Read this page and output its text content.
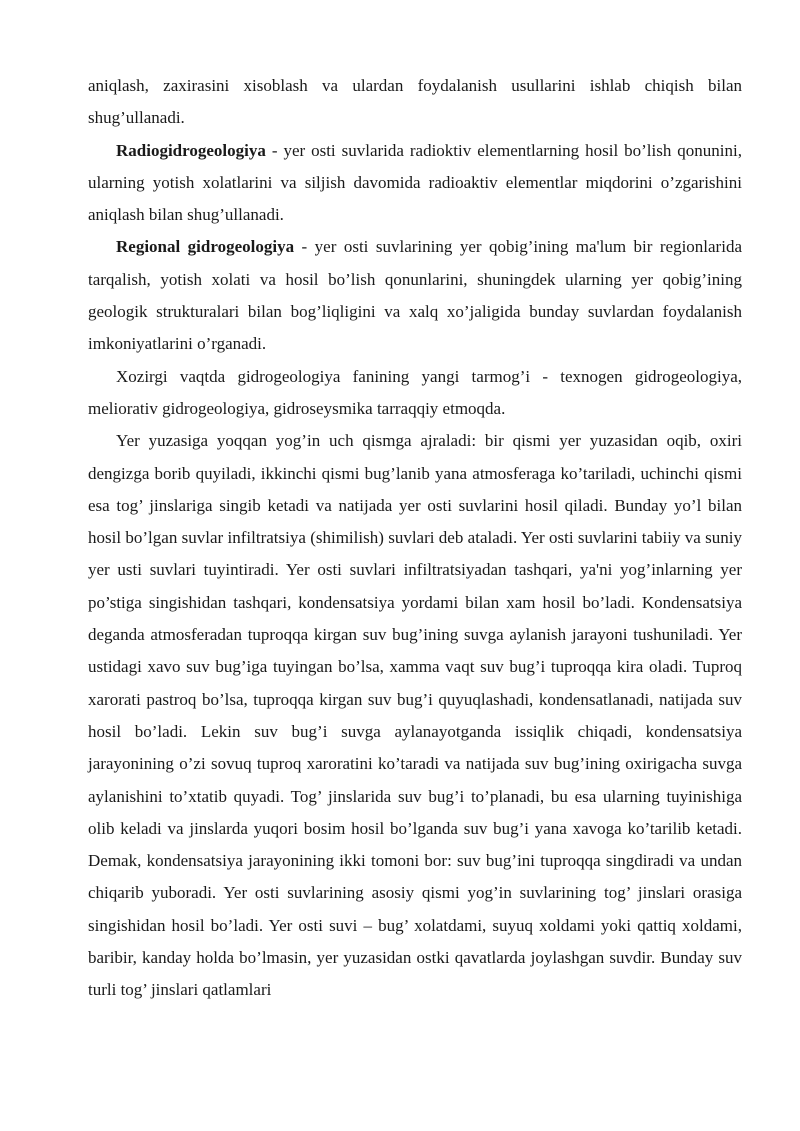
aniqlash, zaxirasini xisoblash va ulardan foydalanish usullarini ishlab chiqish bilan shug’ullanadi.

Radiogidrogeologiya - yer osti suvlarida radioktiv elementlarning hosil bo’lish qonunini, ularning yotish xolatlarini va siljish davomida radioaktiv elementlar miqdorini o’zgarishini aniqlash bilan shug’ullanadi.

Regional gidrogeologiya - yer osti suvlarining yer qobig’ining ma'lum bir regionlarida tarqalish, yotish xolati va hosil bo’lish qonunlarini, shuningdek ularning yer qobig’ining geologik strukturalari bilan bog’liqligini va xalq xo’jaligida bunday suvlardan foydalanish imkoniyatlarini o’rganadi.

Xozirgi vaqtda gidrogeologiya fanining yangi tarmog’i - texnogen gidrogeologiya, meliorativ gidrogeologiya, gidroseysmika tarraqqiy etmoqda.

Yer yuzasiga yoqqan yog’in uch qismga ajraladi: bir qismi yer yuzasidan oqib, oxiri dengizga borib quyiladi, ikkinchi qismi bug’lanib yana atmosferaga ko’tariladi, uchinchi qismi esa tog’ jinslariga singib ketadi va natijada yer osti suvlarini hosil qiladi. Bunday yo’l bilan hosil bo’lgan suvlar infiltratsiya (shimilish) suvlari deb ataladi. Yer osti suvlarini tabiiy va suniy yer usti suvlari tuyintiradi. Yer osti suvlari infiltratsiyadan tashqari, ya'ni yog’inlarning yer po’stiga singishidan tashqari, kondensatsiya yordami bilan xam hosil bo’ladi. Kondensatsiya deganda atmosferadan tuproqqa kirgan suv bug’ining suvga aylanish jarayoni tushuniladi. Yer ustidagi xavo suv bug’iga tuyingan bo’lsa, xamma vaqt suv bug’i tuproqqa kira oladi. Tuproq xarorati pastroq bo’lsa, tuproqqa kirgan suv bug’i quyuqlashadi, kondensatlanadi, natijada suv hosil bo’ladi. Lekin suv bug’i suvga aylanayotganda issiqlik chiqadi, kondensatsiya jarayonining o’zi sovuq tuproq xaroratini ko’taradi va natijada suv bug’ining oxirigacha suvga aylanishini to’xtatib quyadi. Tog’ jinslarida suv bug’i to’planadi, bu esa ularning tuyinishiga olib keladi va jinslarda yuqori bosim hosil bo’lganda suv bug’i yana xavoga ko’tarilib ketadi. Demak, kondensatsiya jarayonining ikki tomoni bor: suv bug’ini tuproqqa singdiradi va undan chiqarib yuboradi. Yer osti suvlarining asosiy qismi yog’in suvlarining tog’ jinslari orasiga singishidan hosil bo’ladi. Yer osti suvi – bug’ xolatdami, suyuq xoldami yoki qattiq xoldami, baribir, kanday holda bo’lmasin, yer yuzasidan ostki qavatlarda joylashgan suvdir. Bunday suv turli tog’ jinslari qatlamlari
